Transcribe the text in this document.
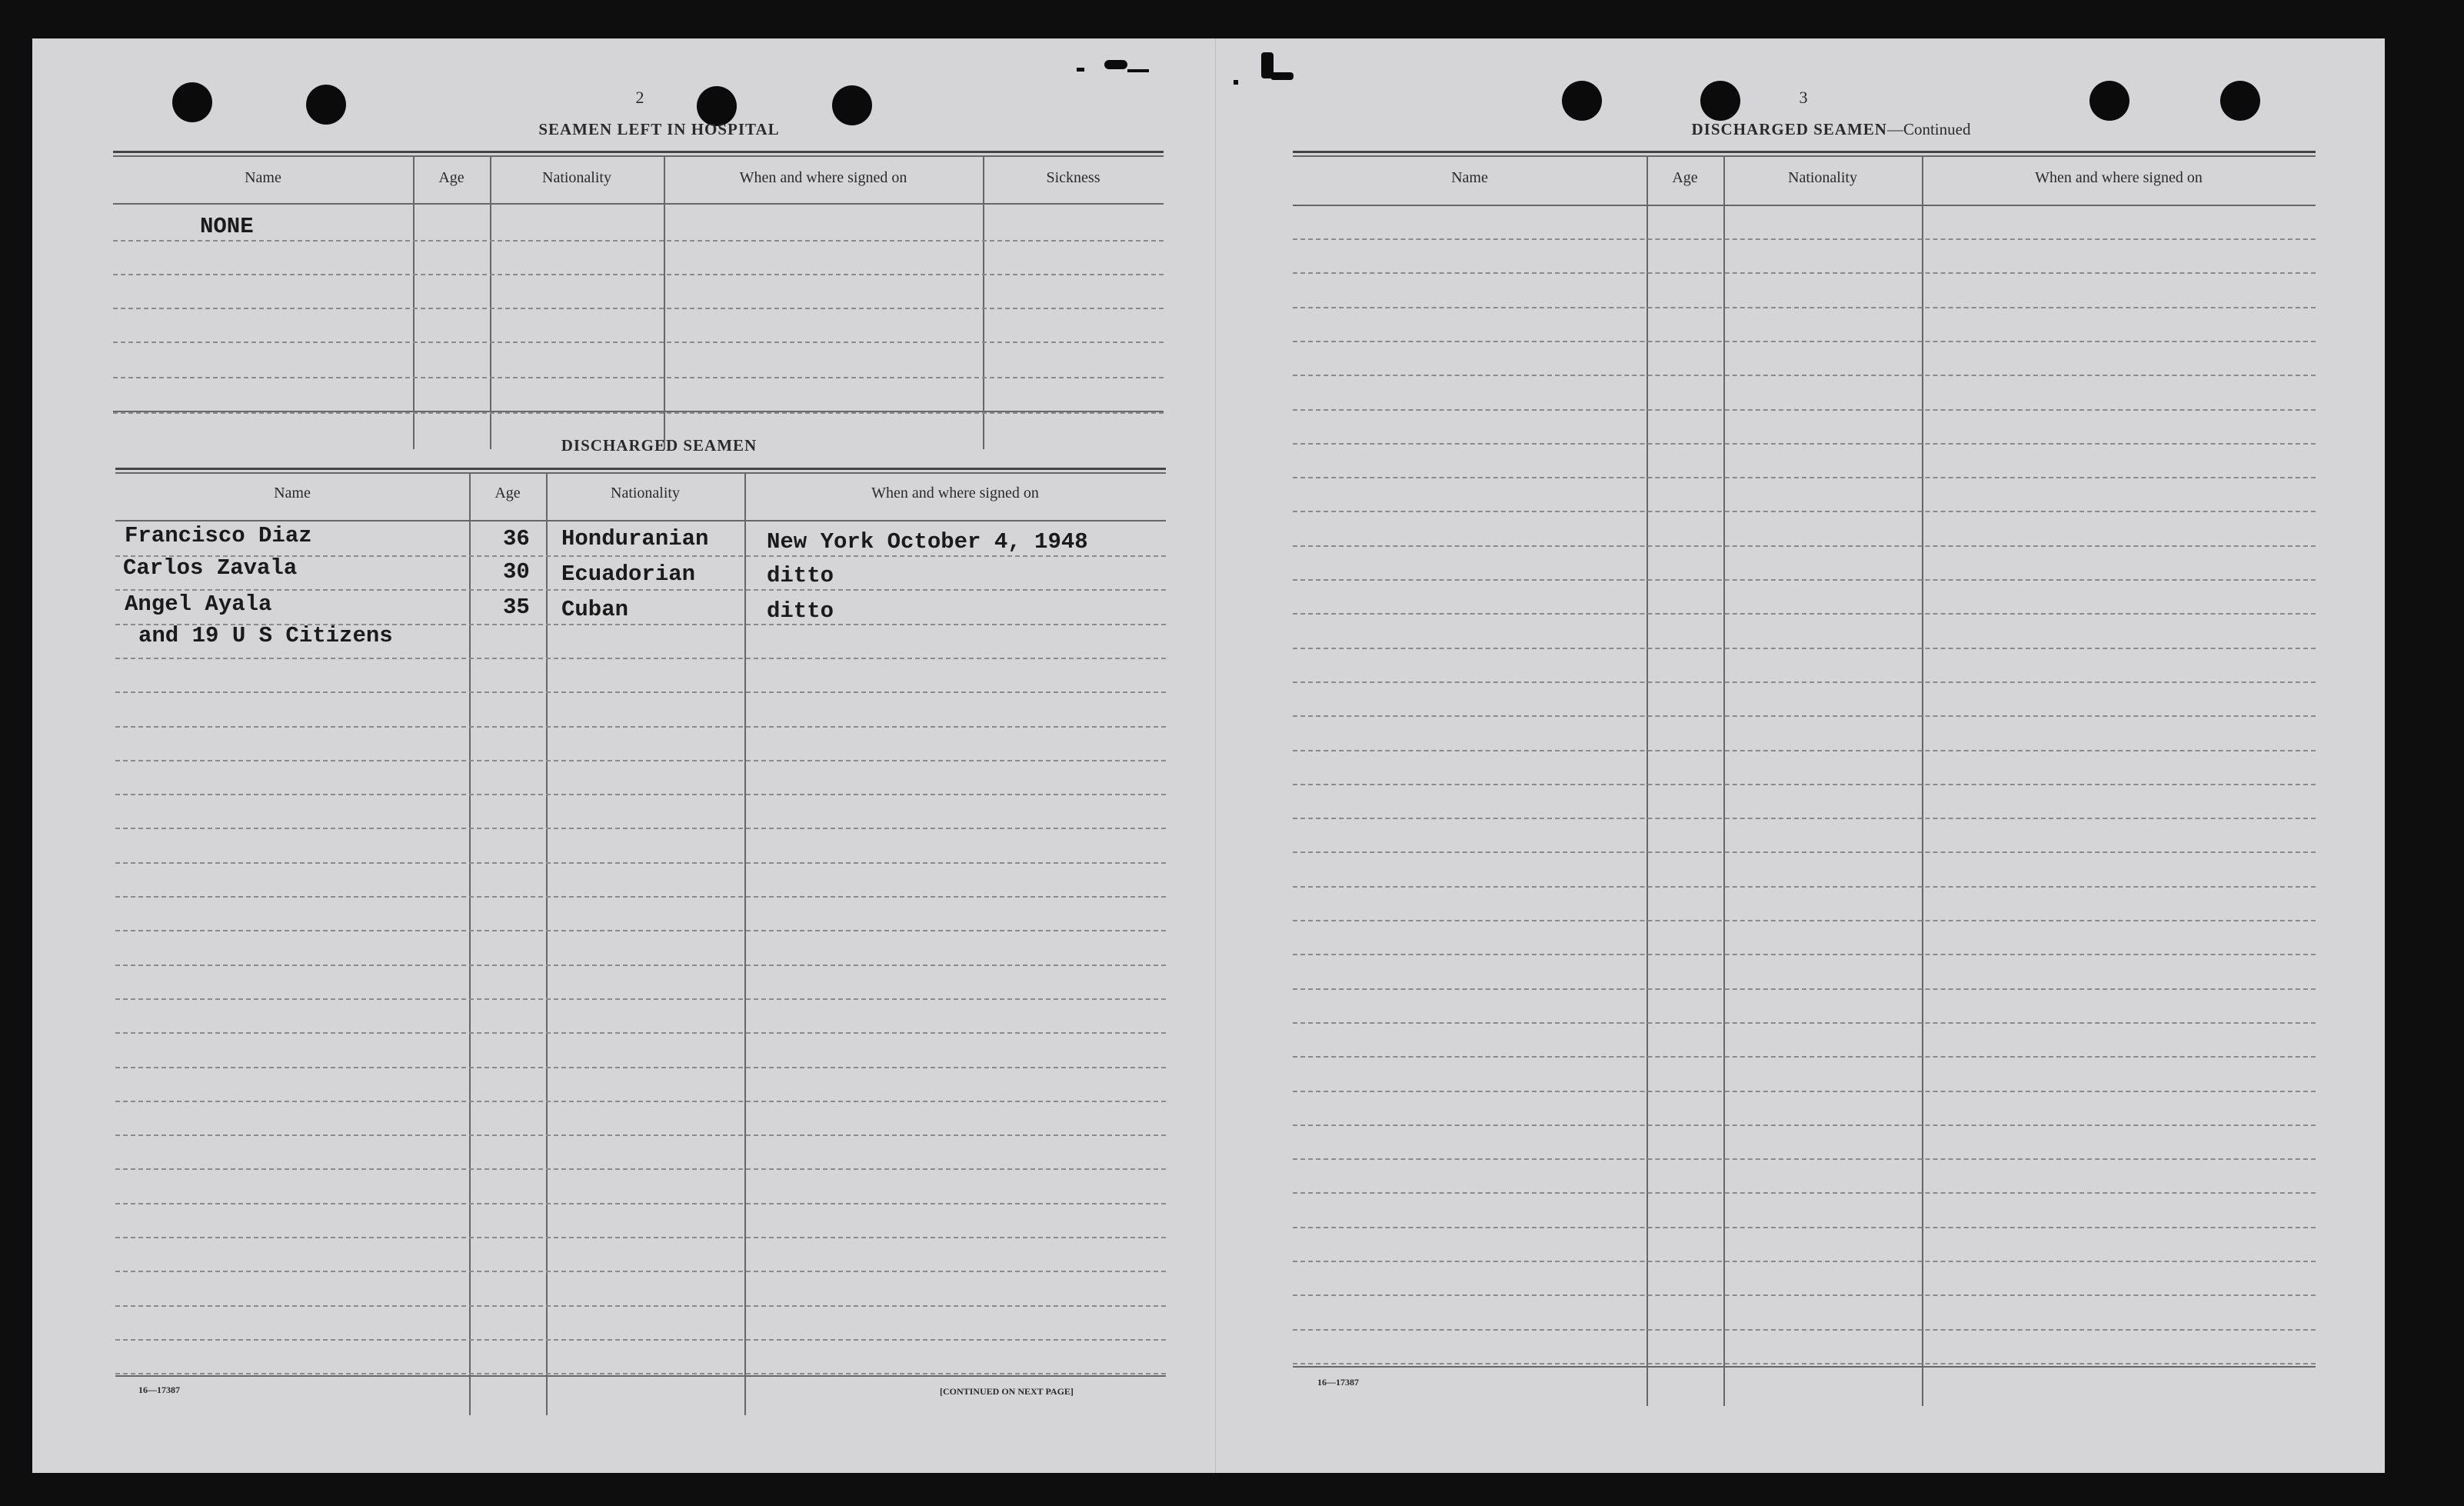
2
SEAMEN LEFT IN HOSPITAL
Name	Age	Nationality	When and where signed on	Sickness
NONE
DISCHARGED SEAMEN
Name	Age	Nationality	When and where signed on
Francisco Diaz	36 Honduranian	New York October 4, 1948
Carlos Zavala	30 Ecuadorian	ditto
Angel Ayala	35 Cuban	ditto
and 19 U S Citizens
16—17387	[CONTINUED ON NEXT PAGE]
3
DISCHARGED SEAMEN—Continued
Name	Age	Nationality	When and where signed on
16—17387
